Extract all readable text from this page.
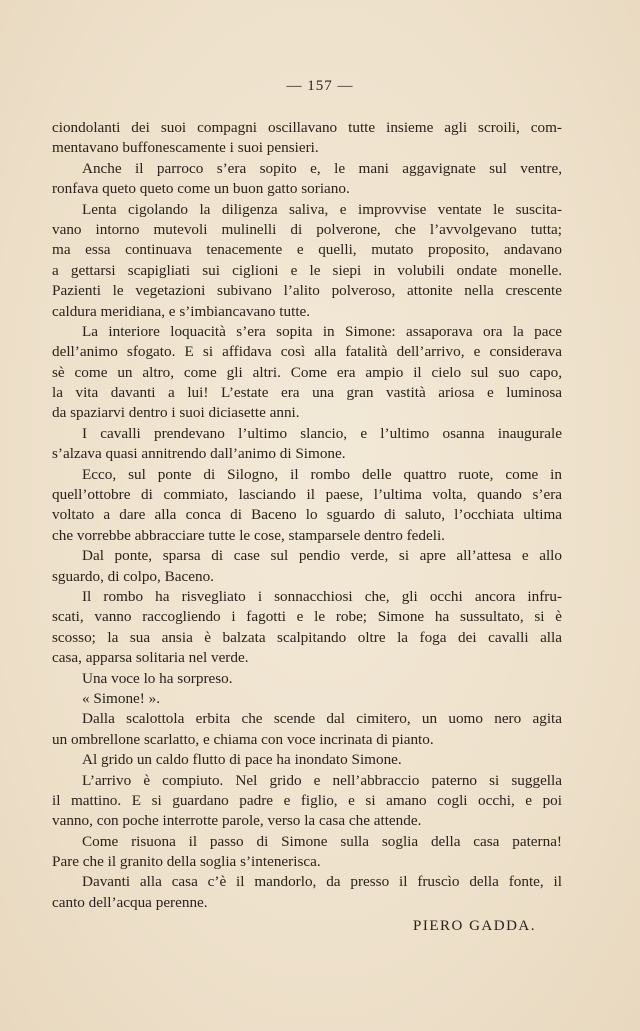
— 157 —
ciondolanti dei suoi compagni oscillavano tutte insieme agli scroili, com-
mentavano buffonescamente i suoi pensieri.
Anche il parroco s’era sopito e, le mani aggavignate sul ventre,
ronfava queto queto come un buon gatto soriano.
Lenta cigolando la diligenza saliva, e improvvise ventate le suscita-
vano intorno mutevoli mulinelli di polverone, che l’avvolgevano tutta;
ma essa continuava tenacemente e quelli, mutato proposito, andavano
a gettarsi scapigliati sui ciglioni e le siepi in volubili ondate monelle.
Pazienti le vegetazioni subivano l’alito polveroso, attonite nella crescente
caldura meridiana, e s’imbiancavano tutte.
La interiore loquacità s’era sopita in Simone: assaporava ora la pace
dell’animo sfogato. E si affidava così alla fatalità dell’arrivo, e considerava
sè come un altro, come gli altri. Come era ampio il cielo sul suo capo,
la vita davanti a lui! L’estate era una gran vastità ariosa e luminosa
da spaziarvi dentro i suoi diciasette anni.
I cavalli prendevano l’ultimo slancio, e l’ultimo osanna inaugurale
s’alzava quasi annitrendo dall’animo di Simone.
Ecco, sul ponte di Silogno, il rombo delle quattro ruote, come in
quell’ottobre di commiato, lasciando il paese, l’ultima volta, quando s’era
voltato a dare alla conca di Baceno lo sguardo di saluto, l’occhiata ultima
che vorrebbe abbracciare tutte le cose, stamparsele dentro fedeli.
Dal ponte, sparsa di case sul pendio verde, si apre all’attesa e allo
sguardo, di colpo, Baceno.
Il rombo ha risvegliato i sonnacchiosi che, gli occhi ancora infru-
scati, vanno raccogliendo i fagotti e le robe; Simone ha sussultato, si è
scosso; la sua ansia è balzata scalpitando oltre la foga dei cavalli alla
casa, apparsa solitaria nel verde.
Una voce lo ha sorpreso.
« Simone! ».
Dalla scalottola erbita che scende dal cimitero, un uomo nero agita
un ombrellone scarlatto, e chiama con voce incrinata di pianto.
Al grido un caldo flutto di pace ha inondato Simone.
L’arrivo è compiuto. Nel grido e nell’abbraccio paterno si suggella
il mattino. E si guardano padre e figlio, e si amano cogli occhi, e poi
vanno, con poche interrotte parole, verso la casa che attende.
Come risuona il passo di Simone sulla soglia della casa paterna!
Pare che il granito della soglia s’intenerisca.
Davanti alla casa c’è il mandorlo, da presso il fruscìo della fonte, il
canto dell’acqua perenne.
PIERO GADDA.
